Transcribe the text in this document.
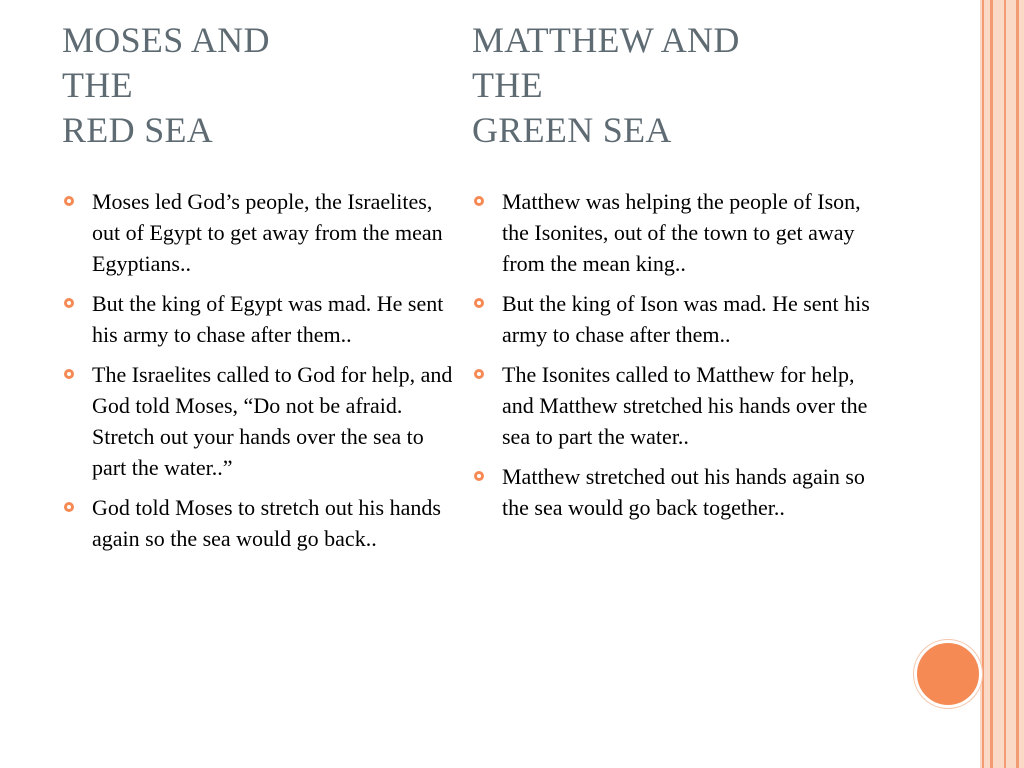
MOSES AND
THE
RED SEA
Moses led God’s people, the Israelites, out of Egypt to get away from the mean Egyptians..
But the king of Egypt was mad. He sent his army to chase after them..
The Israelites called to God for help, and God told Moses, “Do not be afraid. Stretch out your hands over the sea to part the water..”
God told Moses to stretch out his hands again so the sea would go back..
MATTHEW AND
THE
GREEN SEA
Matthew was helping the people of Ison, the Isonites, out of the town to get away from the mean king..
But the king of Ison was mad. He sent his army to chase after them..
The Isonites called to Matthew for help, and Matthew stretched his hands over the sea to part the water..
Matthew stretched out his hands again so the sea would go back together..
